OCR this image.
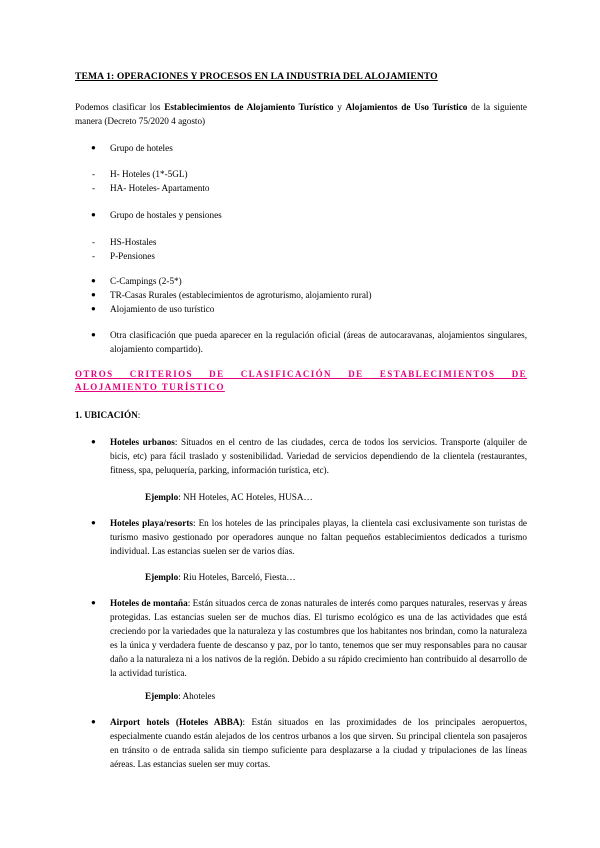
TEMA 1: OPERACIONES Y PROCESOS EN LA INDUSTRIA DEL ALOJAMIENTO
Podemos clasificar los Establecimientos de Alojamiento Turístico y Alojamientos de Uso Turístico de la siguiente manera (Decreto 75/2020 4 agosto)
● Grupo de hoteles
- H- Hoteles (1*-5GL)
- HA- Hoteles- Apartamento
● Grupo de hostales y pensiones
- HS-Hostales
- P-Pensiones
● C-Campings (2-5*)
● TR-Casas Rurales (establecimientos de agroturismo, alojamiento rural)
● Alojamiento de uso turístico
● Otra clasificación que pueda aparecer en la regulación oficial (áreas de autocaravanas, alojamientos singulares, alojamiento compartido).
OTROS CRITERIOS DE CLASIFICACIÓN DE ESTABLECIMIENTOS DE ALOJAMIENTO TURÍSTICO
1. UBICACIÓN:
● Hoteles urbanos: Situados en el centro de las ciudades, cerca de todos los servicios. Transporte (alquiler de bicis, etc) para fácil traslado y sostenibilidad. Variedad de servicios dependiendo de la clientela (restaurantes, fitness, spa, peluquería, parking, información turística, etc).
Ejemplo: NH Hoteles, AC Hoteles, HUSA…
● Hoteles playa/resorts: En los hoteles de las principales playas, la clientela casi exclusivamente son turistas de turismo masivo gestionado por operadores aunque no faltan pequeños establecimientos dedicados a turismo individual. Las estancias suelen ser de varios días.
Ejemplo: Riu Hoteles, Barceló, Fiesta…
● Hoteles de montaña: Están situados cerca de zonas naturales de interés como parques naturales, reservas y áreas protegidas. Las estancias suelen ser de muchos días. El turismo ecológico es una de las actividades que está creciendo por la variedades que la naturaleza y las costumbres que los habitantes nos brindan, como la naturaleza es la única y verdadera fuente de descanso y paz, por lo tanto, tenemos que ser muy responsables para no causar daño a la naturaleza ni a los nativos de la región. Debido a su rápido crecimiento han contribuido al desarrollo de la actividad turística.
Ejemplo: Ahoteles
● Airport hotels (Hoteles ABBA): Están situados en las proximidades de los principales aeropuertos, especialmente cuando están alejados de los centros urbanos a los que sirven. Su principal clientela son pasajeros en tránsito o de entrada salida sin tiempo suficiente para desplazarse a la ciudad y tripulaciones de las líneas aéreas. Las estancias suelen ser muy cortas.
